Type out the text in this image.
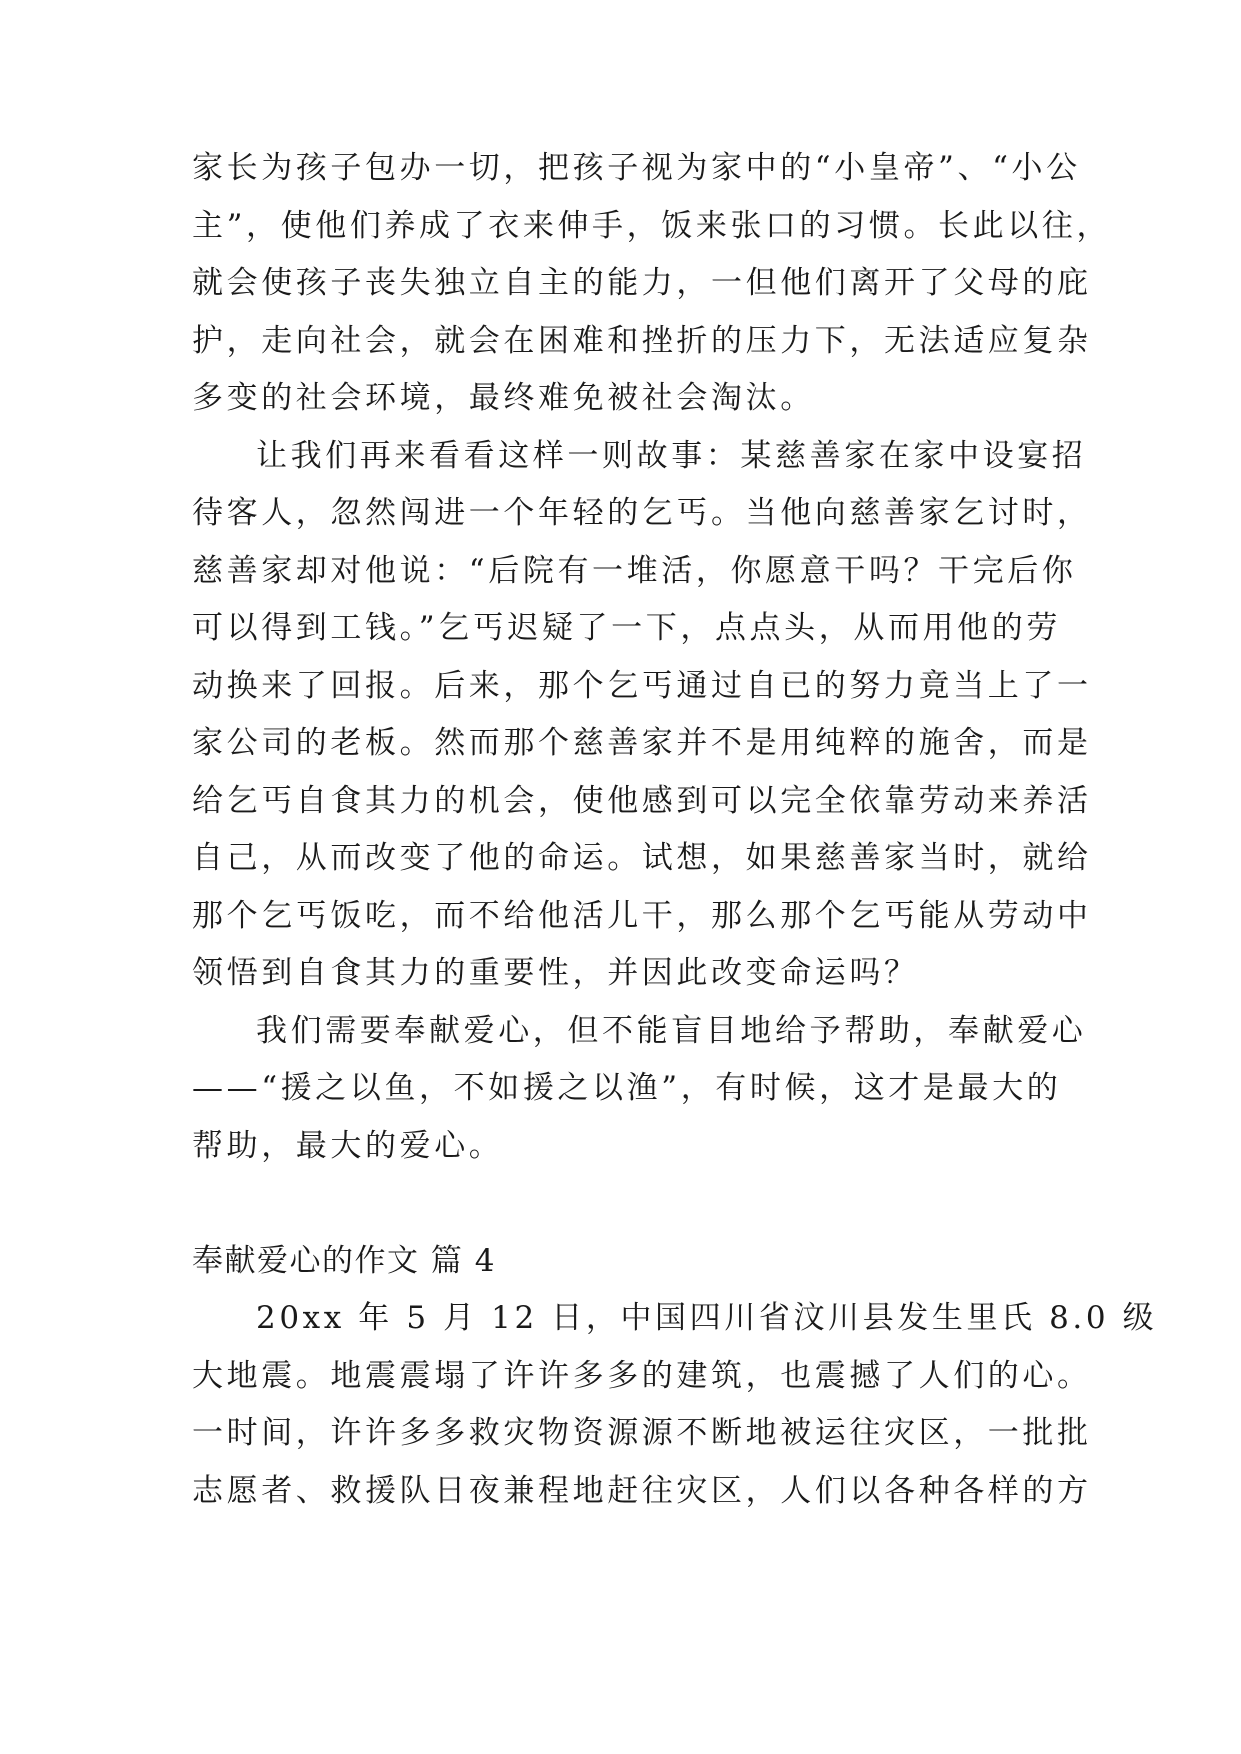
家长为孩子包办一切，把孩子视为家中的“小皇帝”、“小公
主”，使他们养成了衣来伸手，饭来张口的习惯。长此以往，
就会使孩子丧失独立自主的能力，一但他们离开了父母的庇
护，走向社会，就会在困难和挫折的压力下，无法适应复杂
多变的社会环境，最终难免被社会淘汰。
让我们再来看看这样一则故事：某慈善家在家中设宴招
待客人，忽然闯进一个年轻的乞丐。当他向慈善家乞讨时，
慈善家却对他说：“后院有一堆活，你愿意干吗？干完后你
可以得到工钱。”乞丐迟疑了一下，点点头，从而用他的劳
动换来了回报。后来，那个乞丐通过自已的努力竟当上了一
家公司的老板。然而那个慈善家并不是用纯粹的施舍，而是
给乞丐自食其力的机会，使他感到可以完全依靠劳动来养活
自己，从而改变了他的命运。试想，如果慈善家当时，就给
那个乞丐饭吃，而不给他活儿干，那么那个乞丐能从劳动中
领悟到自食其力的重要性，并因此改变命运吗？
我们需要奉献爱心，但不能盲目地给予帮助，奉献爱心
——“援之以鱼，不如援之以渔”，有时候，这才是最大的
帮助，最大的爱心。
奉献爱心的作文 篇 4
20xx 年 5 月 12 日，中国四川省汶川县发生里氏 8.0 级
大地震。地震震塌了许许多多的建筑，也震撼了人们的心。
一时间，许许多多救灾物资源源不断地被运往灾区，一批批
志愿者、救援队日夜兼程地赶往灾区，人们以各种各样的方
